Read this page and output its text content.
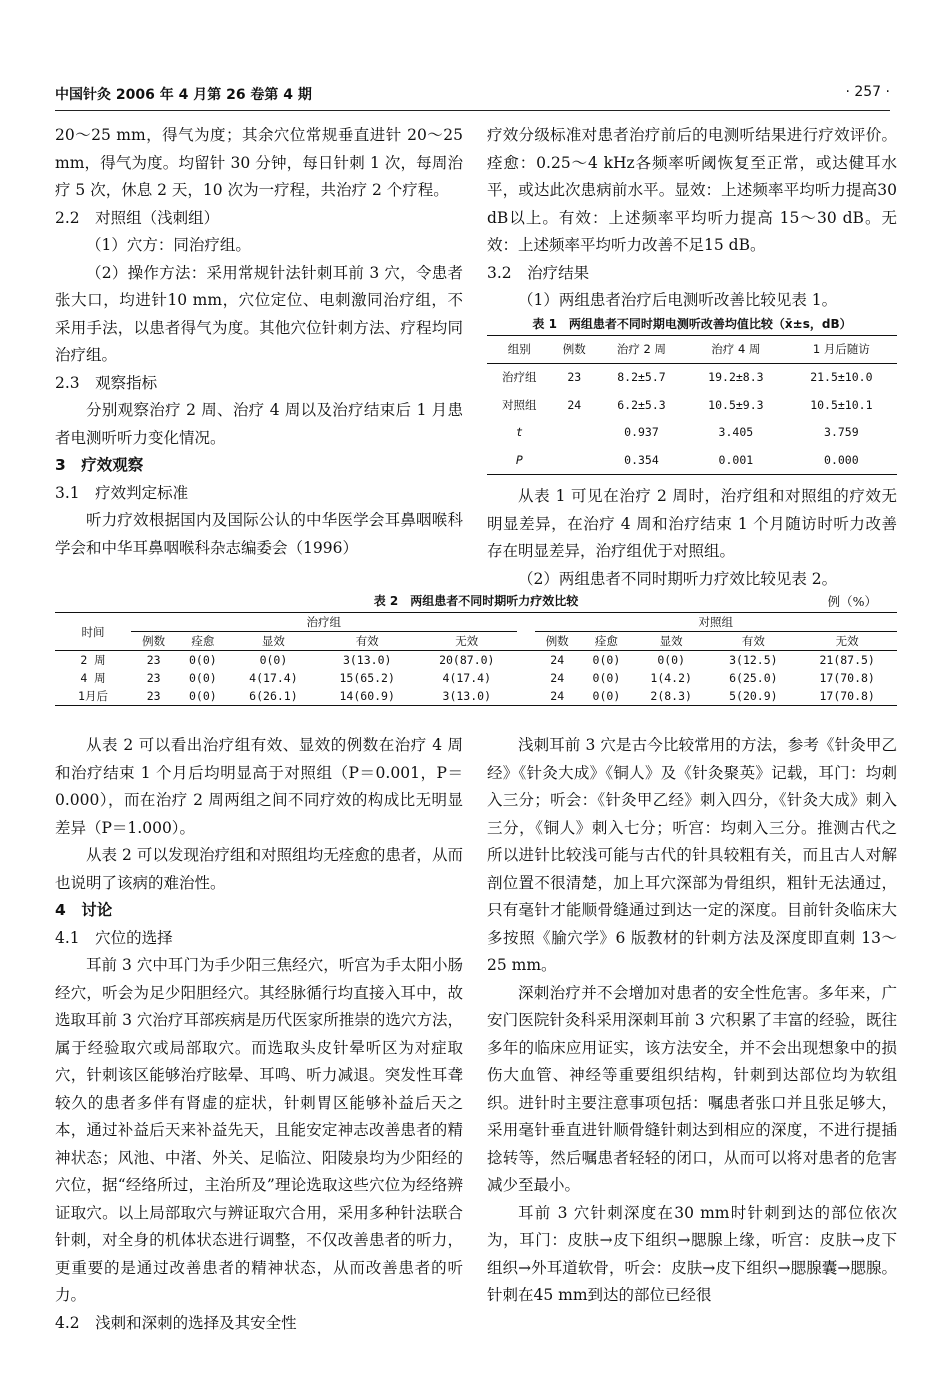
中国针灸 2006 年 4 月第 26 卷第 4 期	· 257 ·

20～25 mm，得气为度；其余穴位常规垂直进针 20～25 mm，得气为度。均留针 30 分钟，每日针刺 1 次，每周治疗 5 次，休息 2 天，10 次为一疗程，共治疗 2 个疗程。

2.2　对照组（浅刺组）

（1）穴方：同治疗组。

（2）操作方法：采用常规针法针刺耳前 3 穴，令患者张大口，均进针10 mm，穴位定位、电刺激同治疗组，不采用手法，以患者得气为度。其他穴位针刺方法、疗程均同治疗组。

2.3　观察指标

分别观察治疗 2 周、治疗 4 周以及治疗结束后 1 月患者电测听听力变化情况。

3　疗效观察

3.1　疗效判定标准

听力疗效根据国内及国际公认的中华医学会耳鼻咽喉科学会和中华耳鼻咽喉科杂志编委会（1996）

疗效分级标准对患者治疗前后的电测听结果进行疗效评价。痊愈：0.25～4 kHz各频率听阈恢复至正常，或达健耳水平，或达此次患病前水平。显效：上述频率平均听力提高30 dB以上。有效：上述频率平均听力提高 15～30 dB。无效：上述频率平均听力改善不足15 dB。

3.2　治疗结果

（1）两组患者治疗后电测听改善比较见表 1。

表 1　两组患者不同时期电测听改善均值比较（x̄±s，dB）
组别	例数	治疗 2 周	治疗 4 周	1 月后随访
治疗组	23	8.2±5.7	19.2±8.3	21.5±10.0
对照组	24	6.2±5.3	10.5±9.3	10.5±10.1
t		0.937	3.405	3.759
P		0.354	0.001	0.000

从表 1 可见在治疗 2 周时，治疗组和对照组的疗效无明显差异，在治疗 4 周和治疗结束 1 个月随访时听力改善存在明显差异，治疗组优于对照组。

（2）两组患者不同时期听力疗效比较见表 2。

表 2　两组患者不同时期听力疗效比较	例（%）
时间	治疗组						对照组				
	例数	痊愈	显效	有效	无效		例数	痊愈	显效	有效	无效
2 周	23	0(0)	0(0)	3(13.0)	20(87.0)		24	0(0)	0(0)	3(12.5)	21(87.5)
4 周	23	0(0)	4(17.4)	15(65.2)	4(17.4)		24	0(0)	1(4.2)	6(25.0)	17(70.8)
1月后	23	0(0)	6(26.1)	14(60.9)	3(13.0)		24	0(0)	2(8.3)	5(20.9)	17(70.8)

从表 2 可以看出治疗组有效、显效的例数在治疗 4 周和治疗结束 1 个月后均明显高于对照组（P＝0.001，P＝0.000），而在治疗 2 周两组之间不同疗效的构成比无明显差异（P＝1.000）。

从表 2 可以发现治疗组和对照组均无痊愈的患者，从而也说明了该病的难治性。

4　讨论

4.1　穴位的选择

耳前 3 穴中耳门为手少阳三焦经穴，听宫为手太阳小肠经穴，听会为足少阳胆经穴。其经脉循行均直接入耳中，故选取耳前 3 穴治疗耳部疾病是历代医家所推崇的选穴方法，属于经验取穴或局部取穴。而选取头皮针晕听区为对症取穴，针刺该区能够治疗眩晕、耳鸣、听力减退。突发性耳聋较久的患者多伴有肾虚的症状，针刺胃区能够补益后天之本，通过补益后天来补益先天，且能安定神志改善患者的精神状态；风池、中渚、外关、足临泣、阳陵泉均为少阳经的穴位，据“经络所过，主治所及”理论选取这些穴位为经络辨证取穴。以上局部取穴与辨证取穴合用，采用多种针法联合针刺，对全身的机体状态进行调整，不仅改善患者的听力，更重要的是通过改善患者的精神状态，从而改善患者的听力。

4.2　浅刺和深刺的选择及其安全性

浅刺耳前 3 穴是古今比较常用的方法，参考《针灸甲乙经》《针灸大成》《铜人》及《针灸聚英》记载，耳门：均刺入三分；听会：《针灸甲乙经》刺入四分，《针灸大成》刺入三分，《铜人》刺入七分；听宫：均刺入三分。推测古代之所以进针比较浅可能与古代的针具较粗有关，而且古人对解剖位置不很清楚，加上耳穴深部为骨组织，粗针无法通过，只有毫针才能顺骨缝通过到达一定的深度。目前针灸临床大多按照《腧穴学》6 版教材的针刺方法及深度即直刺 13～25 mm。

深刺治疗并不会增加对患者的安全性危害。多年来，广安门医院针灸科采用深刺耳前 3 穴积累了丰富的经验，既往多年的临床应用证实，该方法安全，并不会出现想象中的损伤大血管、神经等重要组织结构，针刺到达部位均为软组织。进针时主要注意事项包括：嘱患者张口并且张足够大，采用毫针垂直进针顺骨缝针刺达到相应的深度，不进行提插捻转等，然后嘱患者轻轻的闭口，从而可以将对患者的危害减少至最小。

耳前 3 穴针刺深度在30 mm时针刺到达的部位依次为，耳门：皮肤→皮下组织→腮腺上缘，听宫：皮肤→皮下组织→外耳道软骨，听会：皮肤→皮下组织→腮腺囊→腮腺。针刺在45 mm到达的部位已经很
